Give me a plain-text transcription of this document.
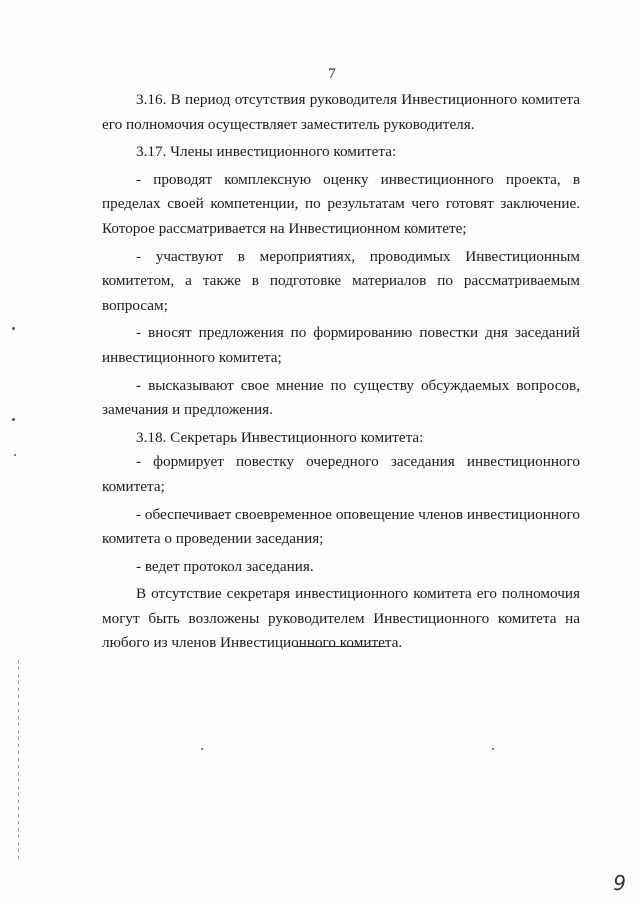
7

3.16. В период отсутствия руководителя Инвестиционного комитета его полномочия осуществляет заместитель руководителя.

3.17. Члены инвестиционного комитета:

- проводят комплексную оценку инвестиционного проекта, в пределах своей компетенции, по результатам чего готовят заключение. Которое рассматривается на Инвестиционном комитете;

- участвуют в мероприятиях, проводимых Инвестиционным комитетом, а также в подготовке материалов по рассматриваемым вопросам;

- вносят предложения по формированию повестки дня заседаний инвестиционного комитета;

- высказывают свое мнение по существу обсуждаемых вопросов, замечания и предложения.

3.18. Секретарь Инвестиционного комитета:

- формирует повестку очередного заседания инвестиционного комитета;

- обеспечивает своевременное оповещение членов инвестиционного комитета о проведении заседания;

- ведет протокол заседания.

В отсутствие секретаря инвестиционного комитета его полномочия могут быть возложены руководителем Инвестиционного комитета на любого из членов Инвестиционного комитета.

9
